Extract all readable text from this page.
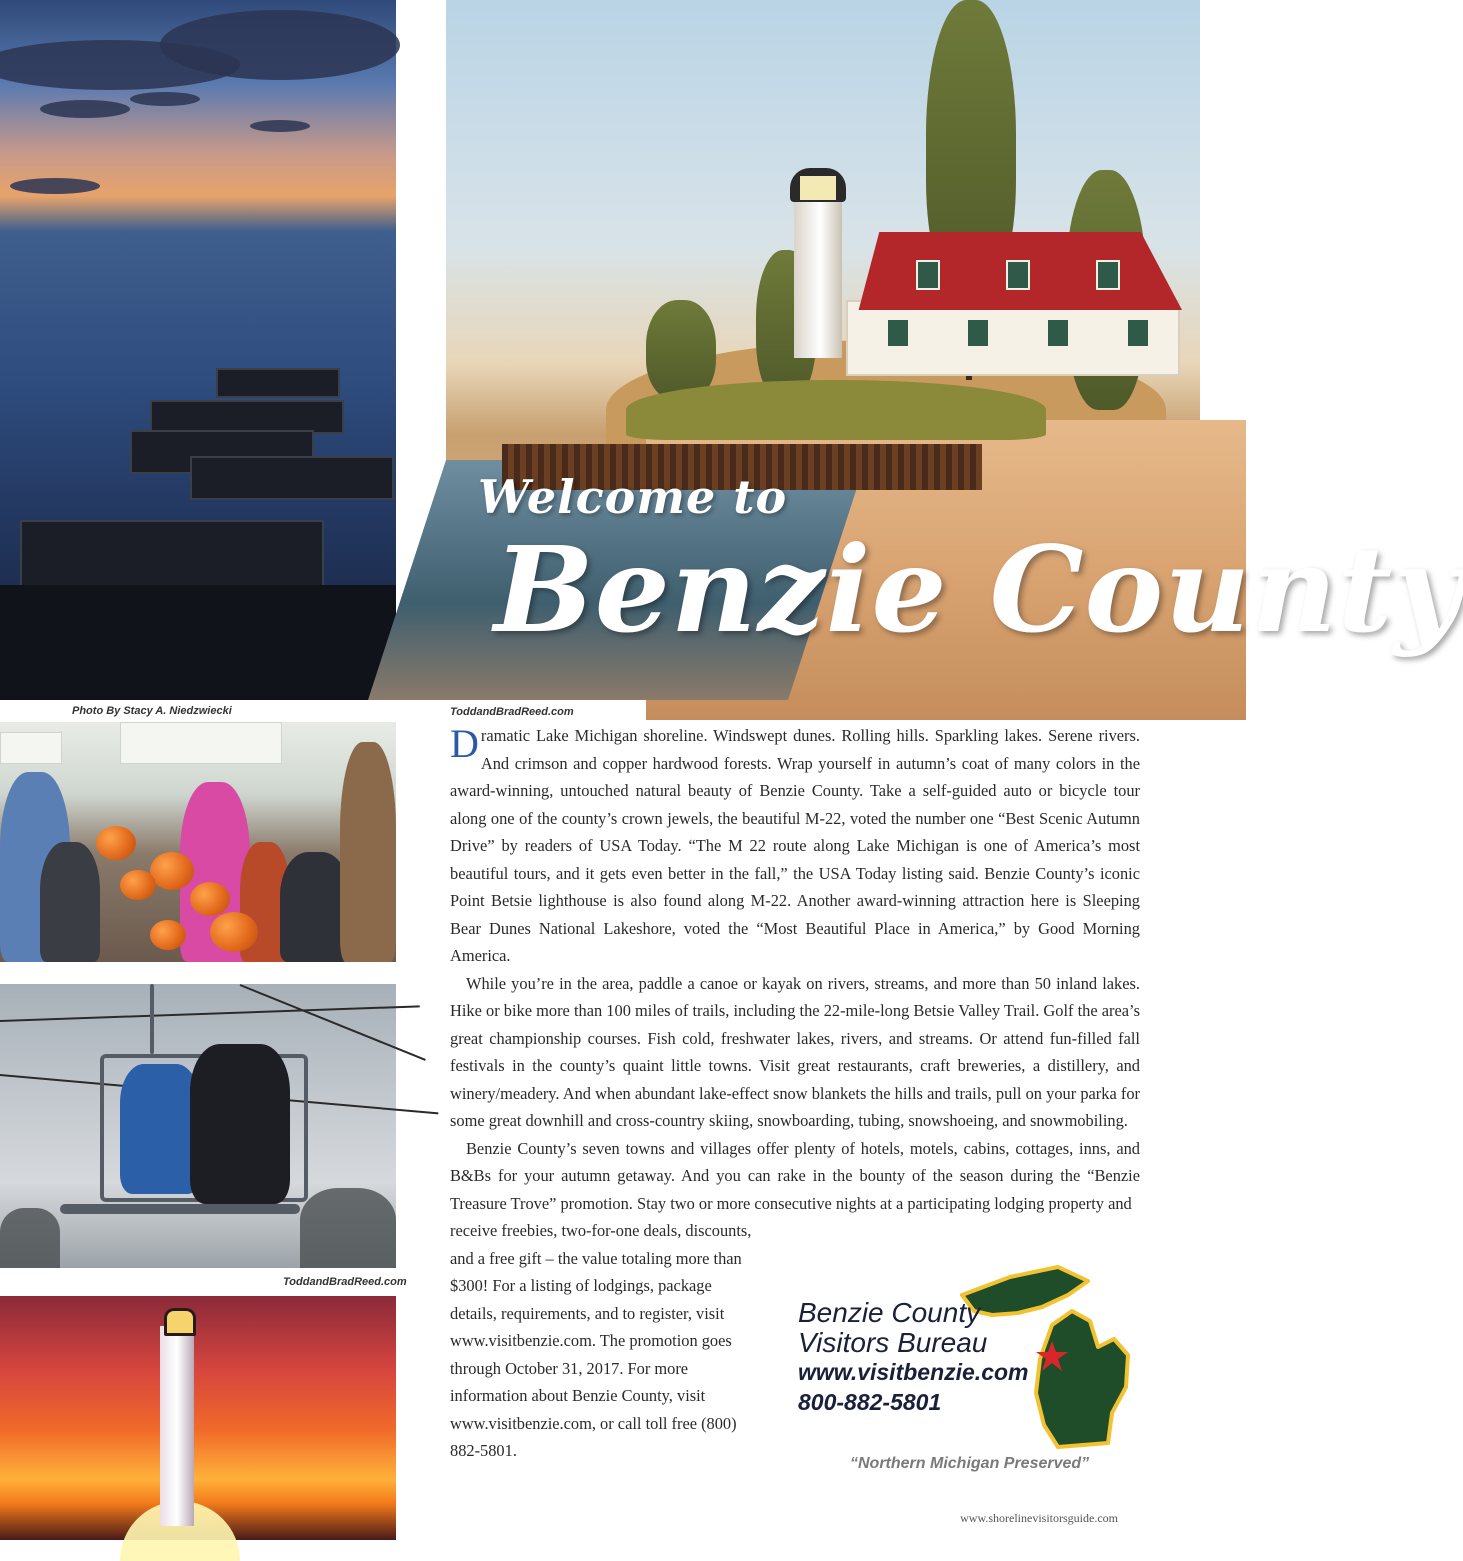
Photo By Stacy A. Niedzwiecki
ToddandBradReed.com
Welcome to
Benzie County
ToddandBradReed.com

Dramatic Lake Michigan shoreline. Windswept dunes. Rolling hills. Sparkling lakes. Serene rivers. And crimson and copper hardwood forests. Wrap yourself in autumn’s coat of many colors in the award-winning, untouched natural beauty of Benzie County. Take a self-guided auto or bicycle tour along one of the county’s crown jewels, the beautiful M-22, voted the number one “Best Scenic Autumn Drive” by readers of USA Today. “The M 22 route along Lake Michigan is one of America’s most beautiful tours, and it gets even better in the fall,” the USA Today listing said. Benzie County’s iconic Point Betsie lighthouse is also found along M-22. Another award-winning attraction here is Sleeping Bear Dunes National Lakeshore, voted the “Most Beautiful Place in America,” by Good Morning America.

While you’re in the area, paddle a canoe or kayak on rivers, streams, and more than 50 inland lakes. Hike or bike more than 100 miles of trails, including the 22-mile-long Betsie Valley Trail. Golf the area’s great championship courses. Fish cold, freshwater lakes, rivers, and streams. Or attend fun-filled fall festivals in the county’s quaint little towns. Visit great restaurants, craft breweries, a distillery, and winery/meadery. And when abundant lake-effect snow blankets the hills and trails, pull on your parka for some great downhill and cross-country skiing, snowboarding, tubing, snowshoeing, and snowmobiling.

Benzie County’s seven towns and villages offer plenty of hotels, motels, cabins, cottages, inns, and B&Bs for your autumn getaway. And you can rake in the bounty of the season during the “Benzie Treasure Trove” promotion. Stay two or more consecutive nights at a participating lodging property and

receive freebies, two-for-one deals, discounts, and a free gift – the value totaling more than $300! For a listing of lodgings, package details, requirements, and to register, visit www.visitbenzie.com. The promotion goes through October 31, 2017. For more information about Benzie County, visit www.visitbenzie.com, or call toll free (800) 882-5801.

Benzie County
Visitors Bureau
www.visitbenzie.com
800-882-5801
“Northern Michigan Preserved”
www.shorelinevisitorsguide.com
